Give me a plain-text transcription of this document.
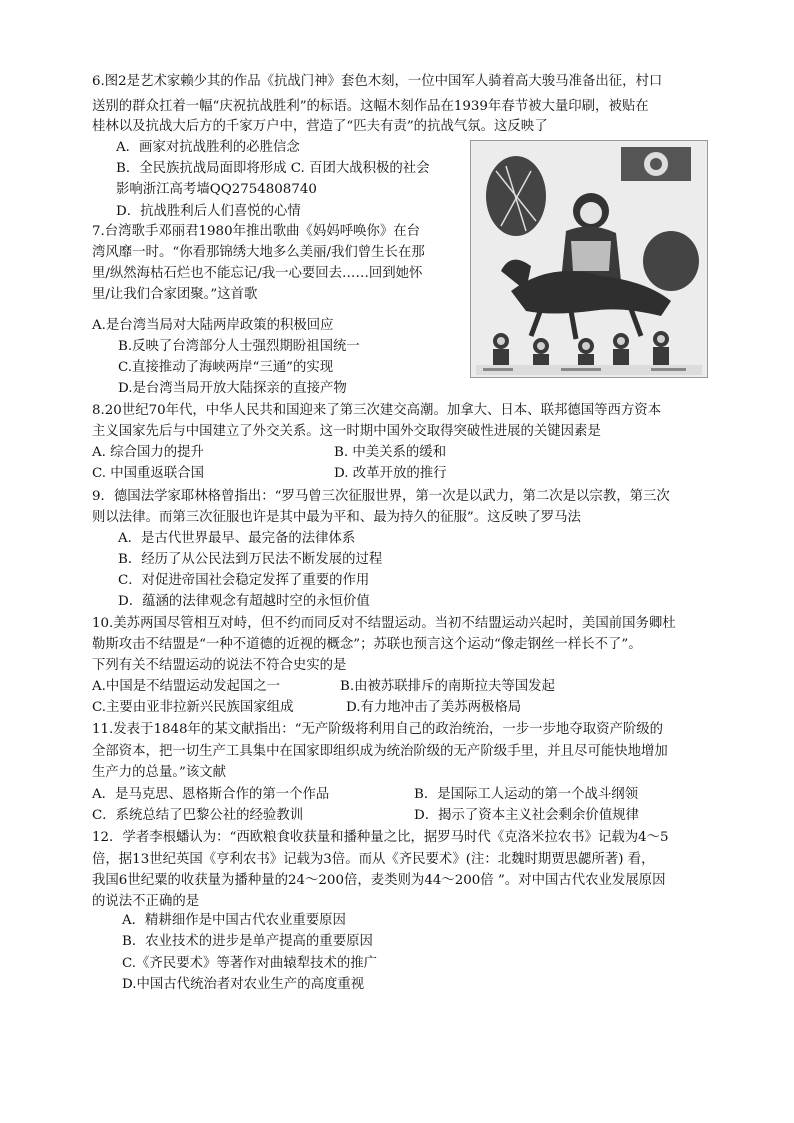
6.图2是艺术家赖少其的作品《抗战门神》套色木刻，一位中国军人骑着高大骏马准备出征，村口
送别的群众扛着一幅“庆祝抗战胜利”的标语。这幅木刻作品在1939年春节被大量印刷，被贴在
桂林以及抗战大后方的千家万户中，营造了“匹夫有责”的抗战气氛。这反映了
A．画家对抗战胜利的必胜信念
B．全民族抗战局面即将形成 C. 百团大战积极的社会
影响浙江高考墙QQ2754808740
D．抗战胜利后人们喜悦的心情
7.台湾歌手邓丽君1980年推出歌曲《妈妈呼唤你》在台
湾风靡一时。“你看那锦绣大地多么美丽/我们曾生长在那
里/纵然海枯石烂也不能忘记/我一心要回去……回到她怀
里/让我们合家团聚。”这首歌
A.是台湾当局对大陆两岸政策的积极回应
B.反映了台湾部分人士强烈期盼祖国统一
C.直接推动了海峡两岸“三通”的实现
D.是台湾当局开放大陆探亲的直接产物
8.20世纪70年代，中华人民共和国迎来了第三次建交高潮。加拿大、日本、联邦德国等西方资本
主义国家先后与中国建立了外交关系。这一时期中国外交取得突破性进展的关键因素是
A. 综合国力的提升	B. 中美关系的缓和
C. 中国重返联合国	D. 改革开放的推行
9．德国法学家耶林格曾指出：“罗马曾三次征服世界，第一次是以武力，第二次是以宗教，第三次
则以法律。而第三次征服也许是其中最为平和、最为持久的征服”。这反映了罗马法
A．是古代世界最早、最完备的法律体系
B．经历了从公民法到万民法不断发展的过程
C．对促进帝国社会稳定发挥了重要的作用
D．蕴涵的法律观念有超越时空的永恒价值
10.美苏两国尽管相互对峙，但不约而同反对不结盟运动。当初不结盟运动兴起时，美国前国务卿杜
勒斯攻击不结盟是“一种不道德的近视的概念”；苏联也预言这个运动“像走钢丝一样长不了”。
下列有关不结盟运动的说法不符合史实的是
A.中国是不结盟运动发起国之一	B.由被苏联排斥的南斯拉夫等国发起
C.主要由亚非拉新兴民族国家组成	D.有力地冲击了美苏两极格局
11.发表于1848年的某文献指出：“无产阶级将利用自己的政治统治，一步一步地夺取资产阶级的
全部资本，把一切生产工具集中在国家即组织成为统治阶级的无产阶级手里，并且尽可能快地增加
生产力的总量。”该文献
A．是马克思、恩格斯合作的第一个作品	B．是国际工人运动的第一个战斗纲领
C．系统总结了巴黎公社的经验教训	D．揭示了资本主义社会剩余价值规律
12．学者李根蟠认为：“西欧粮食收获量和播种量之比，据罗马时代《克洛米拉农书》记载为4～5
倍，据13世纪英国《亨利农书》记载为3倍。而从《齐民要术》(注：北魏时期贾思勰所著) 看，
我国6世纪粟的收获量为播种量的24～200倍，麦类则为44～200倍 ”。对中国古代农业发展原因
的说法不正确的是
A．精耕细作是中国古代农业重要原因
B．农业技术的进步是单产提高的重要原因
C.《齐民要术》等著作对曲辕犁技术的推广
D.中国古代统治者对农业生产的高度重视
